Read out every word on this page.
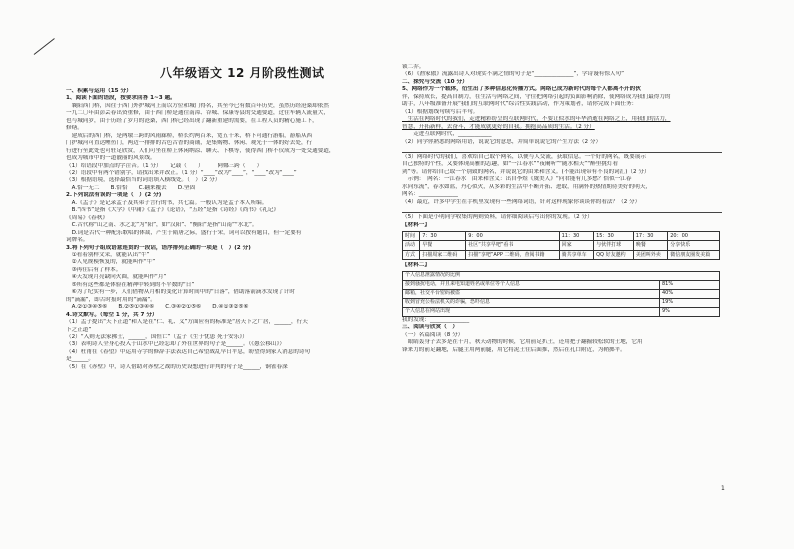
八年级语文 12 月阶段性测试
一、积累与运用（15 分）
1、阅读下面的语段，按要求回答 1~3 题。
　襄阳西门桥，因往于西门外护城河上而以方位和城门得名，其至今已有数百年历史，虽然历经沧桑却依然
一九二〇年由彭芸春出资重修，由于西门桥是通往南漳、谷城、保康等县的交通要道，过往车辆人流量大，
也与城同岁，由于历经了岁月的沧桑，西门桥已经出现了翻新重建的需要，在工程人员的精心施工下，
修缮。
　建成后的西门桥，是两墩三跨的风雨廊桥，桥长约两百米，宽五十米，桥下可通行游船，游船从西
门护城河可直达鲤鱼门，两边一排排的古色古香的商铺，是集购物、休闲、观光于一体的好去处，行
行进行至此处也可驻足欣赏，人们可坐在桥上休闲纳凉、聊天、下棋等，使得西门桥不仅成为一处交通要道，
也成为城市中的一道靓丽的风景线。
（1）给语段中加点的字注音。（1 分）　　记载（　　）　　　阿娜三跨（　　）
（2）语段中有两个错别字，请找出来并改正。（1 分）“____”改为“____”，“____”改为“____”
（3）根据语境，选择最恰当的词语填入横线处。（　）（2 分）
　A.恰一无二　　B.恰恰　　C.翻来覆去　　D.坚固
2.下列说法有误的一项是（　）(2 分)
　A.《孟子》是记录孟子及其弟子言行的书，共七篇。一般认为是孟子本人所编。
　B.“四书”是指《大学》《中庸》《孟子》《论语》，“五经”是指《诗经》《尚书》《礼记》
《周易》《春秋》
　C.古代称“山之南、水之北”为“阳”，如“汉阳”、“衡阳”是指“山南”“水北”。
　D.词是古代一种配乐歌唱的体裁，产生于隋唐之际，盛行于宋，词可以按有题目，但一定要有
词牌名。
3.将下列句子组成语意连贯的一段话，语序排列正确的一项是（　）(2 分)
　①看着别样文采，就能认出“牛”
　②人见规模恢复的，就能叫作“牛”
　③再往后有了样本。
　④天发现月亮缺向火圆，就能叫作“月”
　⑤所有这些都是体验在精神中转到的不平数的“日”
　⑥为了纪实有一步，人们借物从月相的变化计算时间中的“日落”，借助落箭滴水发现了计时
的“滴漏”，即古时报时用的“滴漏”。
　A.②①③④⑤⑥　　B.②⑤①③④⑥　　C.③④②①⑤⑥　　D.④①③②⑤⑥
4.诗文默写。（每空 1 分，共 7 分）
（1）孟子提出“天下正道”和人是在“仁、礼、义”方面应有的标准是“居天下之广居，______，行天
下之正道”
（2）“入则无法家拂士，______，国恒亡”（孟子《生于忧患 死于安乐》）
（3）表明诗人全身心投入于山水中已经忘却了外在世界的句子是______。（《愚公移山》）
（4）杜甫在《春望》中运用寺字的修辞手法表达自己希望战乱早日平息，盼望得到家人消息的诗句
是______。
（5）在《赤壁》中，诗人借助对赤壁之战的历史设想进行评判的句子是______，铜雀春深
锁二乔。
（6）《渔家傲》流露出诗人对现实不满之情的句子是“______________”，学诗谩有惊人句”
二、探究与交流（10 分）
5、网络作为一个载体，衍生出了多种信息化传播方式。网络已成为新时代的每个人都离不开的伙
伴，保持成长，提高自制力，在生活与网络之间，守住把网络引起的负面影响消除，使网络成为我们最得力的
助手，八年级准备开展“我们的互联网时代”综合性实践活动，作为策划者，请你完成下面任务：
（1）根据划线句续写后半句。
　生活在网络时代的我们，走进精彩纷呈的互联网时代，不要让似水的年华消逝在网络之上，用我们的活力，
智慧，开拓新样，去奋斗，才能成就更好的自我。拥抱高品质的生活。（2 分）
　　走进互联网时代，____________
（2）同学你熟悉的网络用语，说说它的意思，并简单说说它的产生方法（2 分）
（3）网络时代的我们，喜欢给自己取个网名，以便与人交流，获取信息。一个好的网名，既要展示
自己独特的个性，又要体现高雅的志趣，如“一江春水”“夜阑听”“随水相天”“醉里挑灯看
剑”等。请你给自己取一个别致的网名，并说说它的由来和含义。(不能出现带有不良的词汇)（2 分）
　示例：　网名：一江春水　由来和含义：出自李煜《虞美人》“问君能有几多愁？恰似一江春
水向东流”，春水如蓝，丹心似火，从多彩的生活中不断开拓、进取，用满怀的热情期待美好的明天，
网名：______________
（4）最近，许多中学生在手机里发现有一些网络词语，针对这样现象你谈谈你的看法？（2 分）
（5）下面是小明同学收集的两则资料，请你细阅读后写出你的发现。（2 分）
【材料一】
时间	7：30	9：00	11：30	15：30	17：30	20：00
活动	早餐	社区“共享早吧”看书	回家	与伙伴打球	晚餐	分享快乐
方式	扫描周家二维码	扫描“享吧”APP 二维码，查阅书籍	骑共享单车	QQ 好友邀约	美团叫外卖	微信朋友圈发美篇
【材料二】
个人信息泄露情况的比例	
接到骚扰电话，并且来电知道姓名或单位等个人信息	81%
邮箱，社交平台密码被盗	40%
收到冒充公检法机关的诈骗，恐吓信息	19%
个人信息在网站出现	9%
我的发现：______________
三、阅读与欣赏（　）
（一）名篇阅读（8 分）
　眼睛轰身子去多是在十月，秋天动物的时候，它用前足扒土，还用把子翻掘较松软的土地，它用
锋来力的前足翻地，后腿主用两前腿，用它将泥土往后面推，然后在孔口附近，为鞘掷平。
1
